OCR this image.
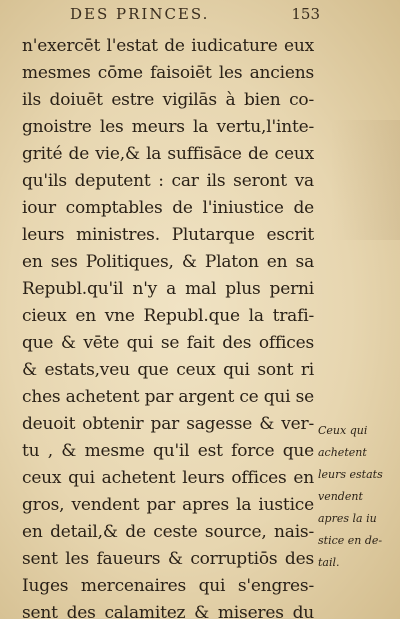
DES PRINCES.	153
n'exercēt l'estat de iudicature eux
mesmes cōme faisoiēt les anciens
ils doiuēt estre vigilās à bien co-
gnoistre les meurs la vertu,l'inte-
grité de vie,& la suffisāce de ceux
qu'ils deputent : car ils seront va
iour comptables de l'iniustice de
leurs ministres. Plutarque escrit
en ses Politiques, & Platon en sa
Republ.qu'il n'y a mal plus perni
cieux en vne Republ.que la trafi-
que & vēte qui se fait des offices
& estats,veu que ceux qui sont ri
ches achetent par argent ce qui se
deuoit obtenir par sagesse & ver-
tu , & mesme qu'il est force que
ceux qui achetent leurs offices en
gros, vendent par apres la iustice
en detail,& de ceste source, nais-
sent les faueurs & corruptiōs des
Iuges mercenaires qui s'engres-
sent des calamitez & miseres du
Ceux qui
achetent
leurs estats
vendent
apres la iu
stice en de-
tail.
